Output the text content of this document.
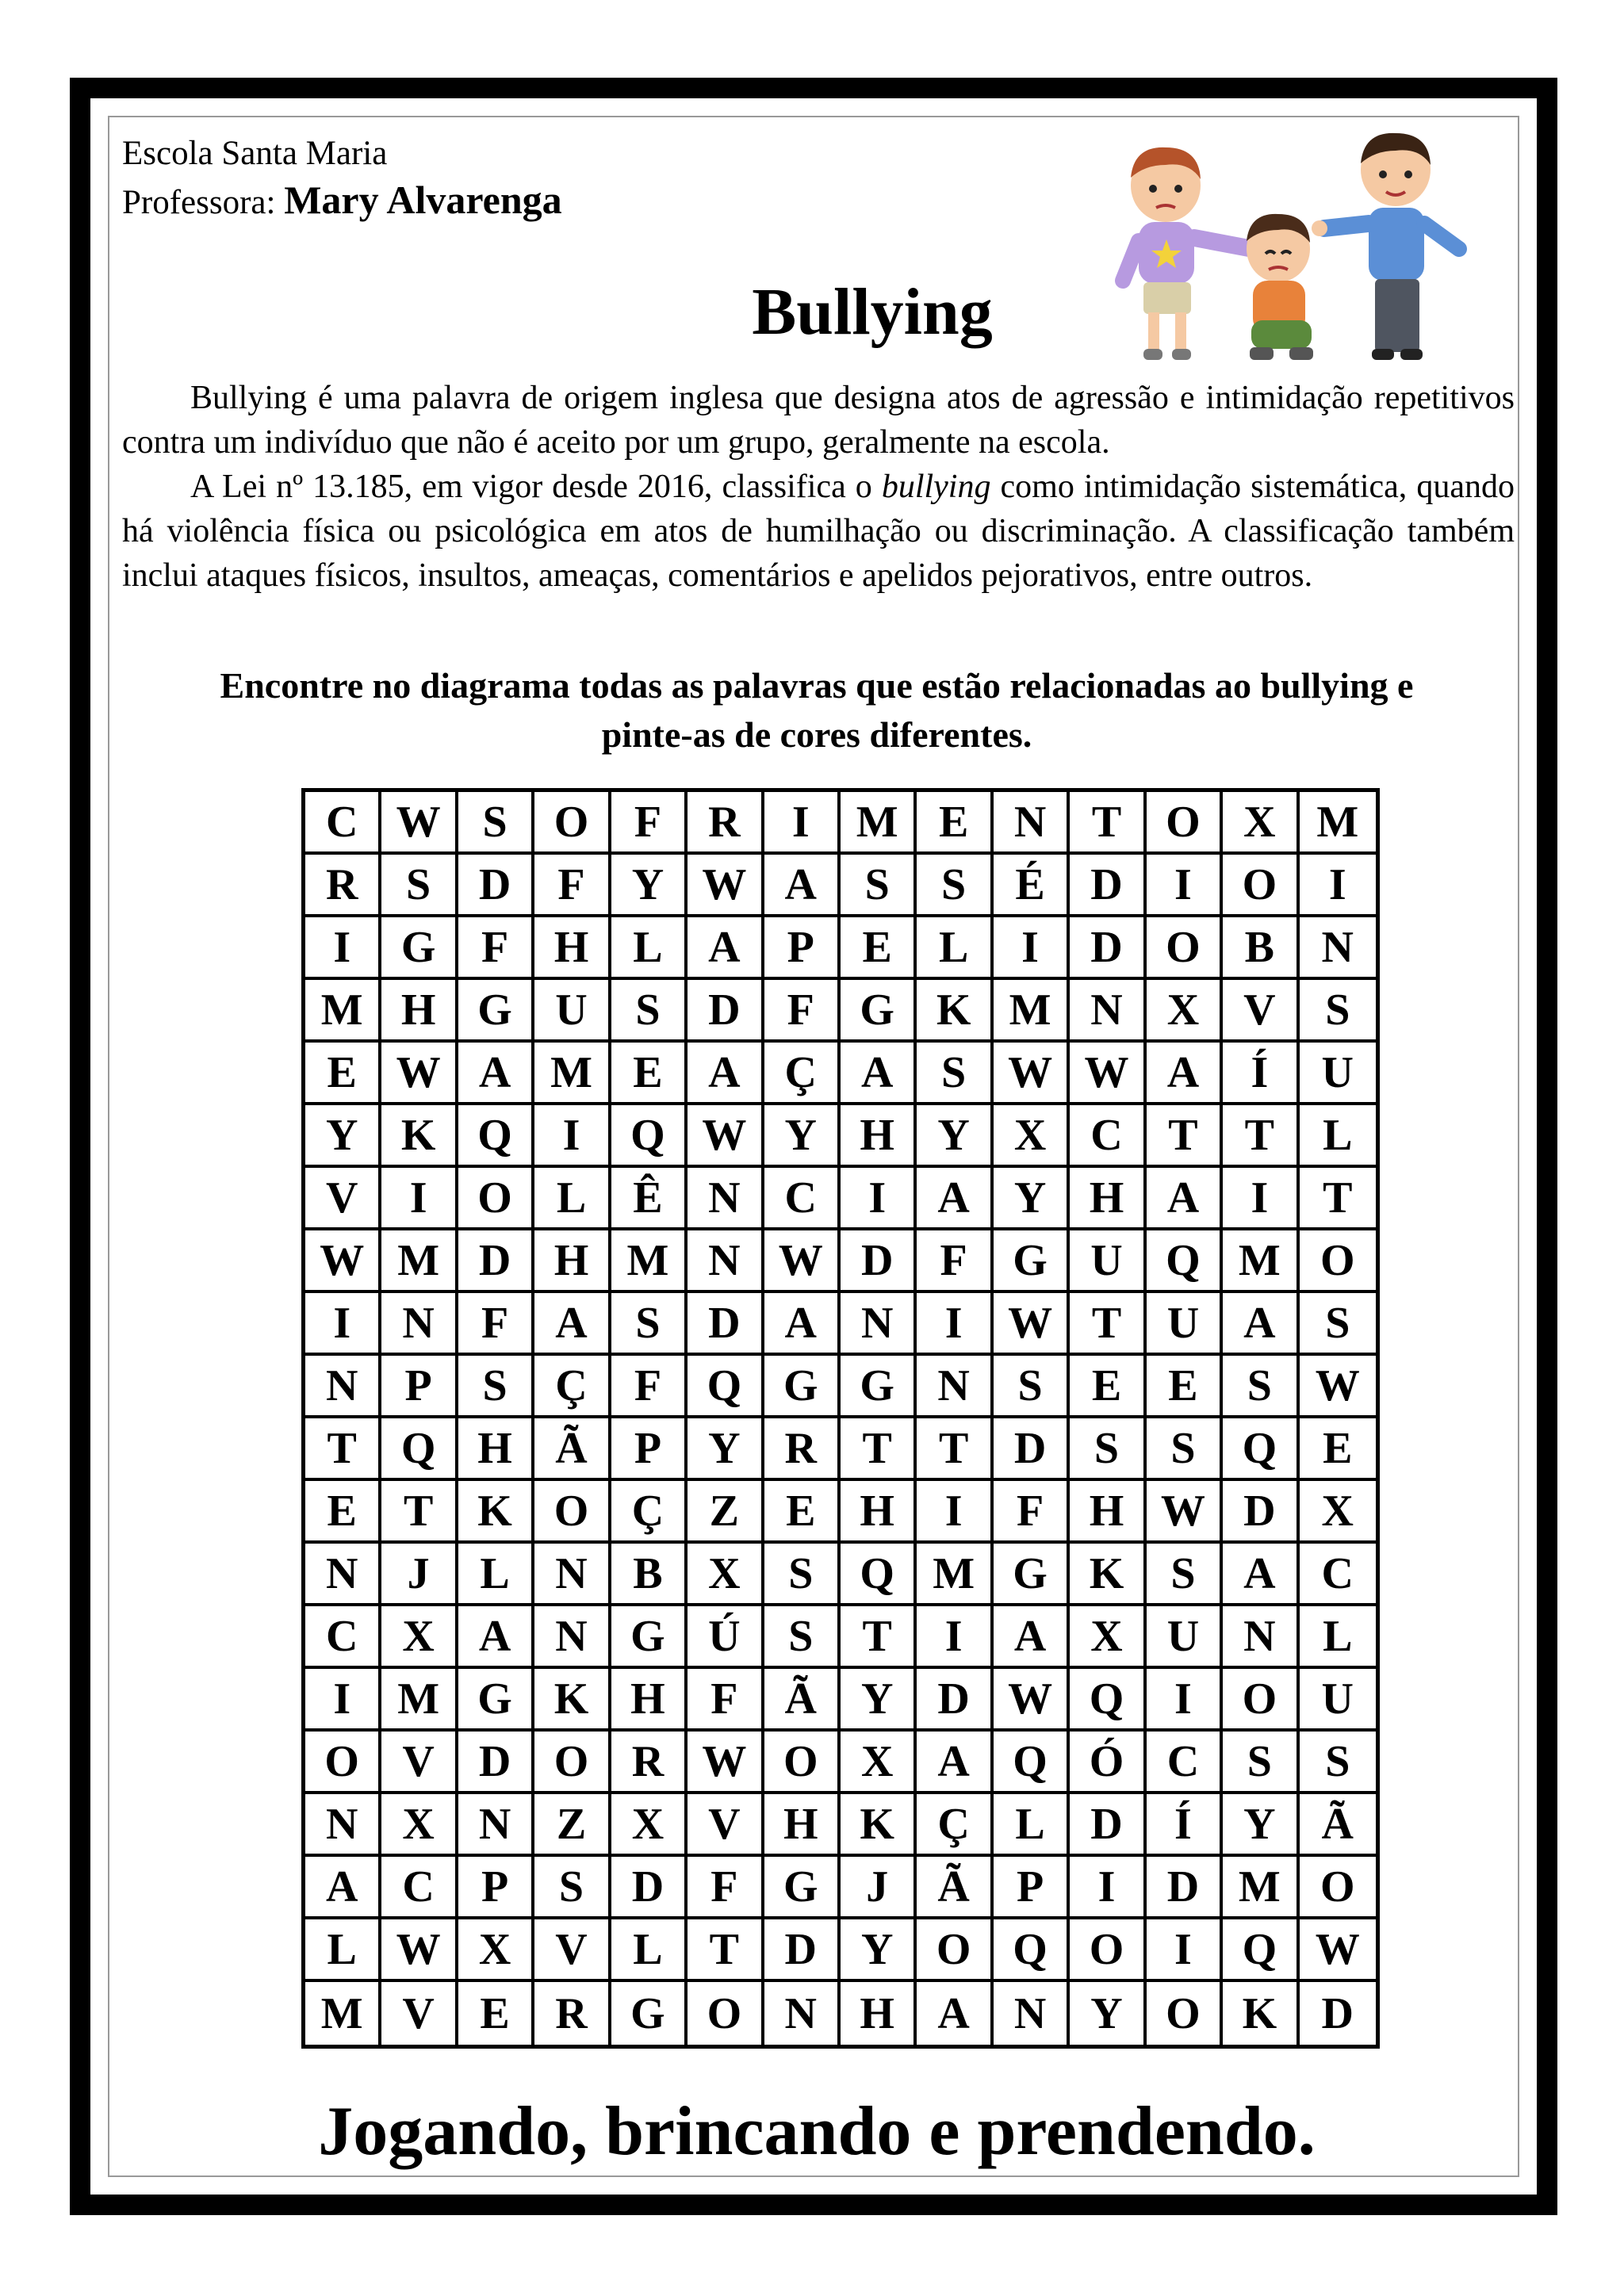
Escola Santa Maria
Professora: Mary Alvarenga
Bullying

Bullying é uma palavra de origem inglesa que designa atos de agressão e intimidação repetitivos contra um indivíduo que não é aceito por um grupo, geralmente na escola.

A Lei nº 13.185, em vigor desde 2016, classifica o bullying como intimidação sistemática, quando há violência física ou psicológica em atos de humilhação ou discriminação. A classificação também inclui ataques físicos, insultos, ameaças, comentários e apelidos pejorativos, entre outros.

Encontre no diagrama todas as palavras que estão relacionadas ao bullying e pinte-as de cores diferentes.
C W S	O	F	R	I	M E	N	T O X M
R	S	D	F	Y W A	S	S	É	D	I	O	I
I	G	F	H L	A	P	E	L	I	D O B	N
M H G U	S	D	F	G K M N X V	S
E W A M E	A Ç A	S W W A	Í	U
Y K Q	I	Q W Y H Y X C	T	T	L
V	I	O L	Ê	N C	I	A Y H A	I	T
W M D H M N W D	F	G U Q M O
I	N	F	A	S	D A N	I	W T	U A	S
N	P	S	Ç	F	Q G G N	S	E	E	S W
T Q H Ã	P	Y R	T	T	D	S	S	Q	E
E	T K O Ç	Z	E H	I	F	H W D	X
N	J	L	N	B	X	S	Q M G K	S	A	C
C X A N G Ú	S	T	I	A X U N	L
I	M G K H	F	Ã Y D W Q	I	O	U
O V D O R W O X A Q Ó C	S	S
N X N	Z	X V H K Ç	L	D	Í	Y	Ã
A C	P	S	D	F	G	J	Ã	P	I	D M O
L W X V	L	T	D Y O Q O	I	Q W
M V	E	R G O N H A N Y O K	D
Jogando, brincando e prendendo.
